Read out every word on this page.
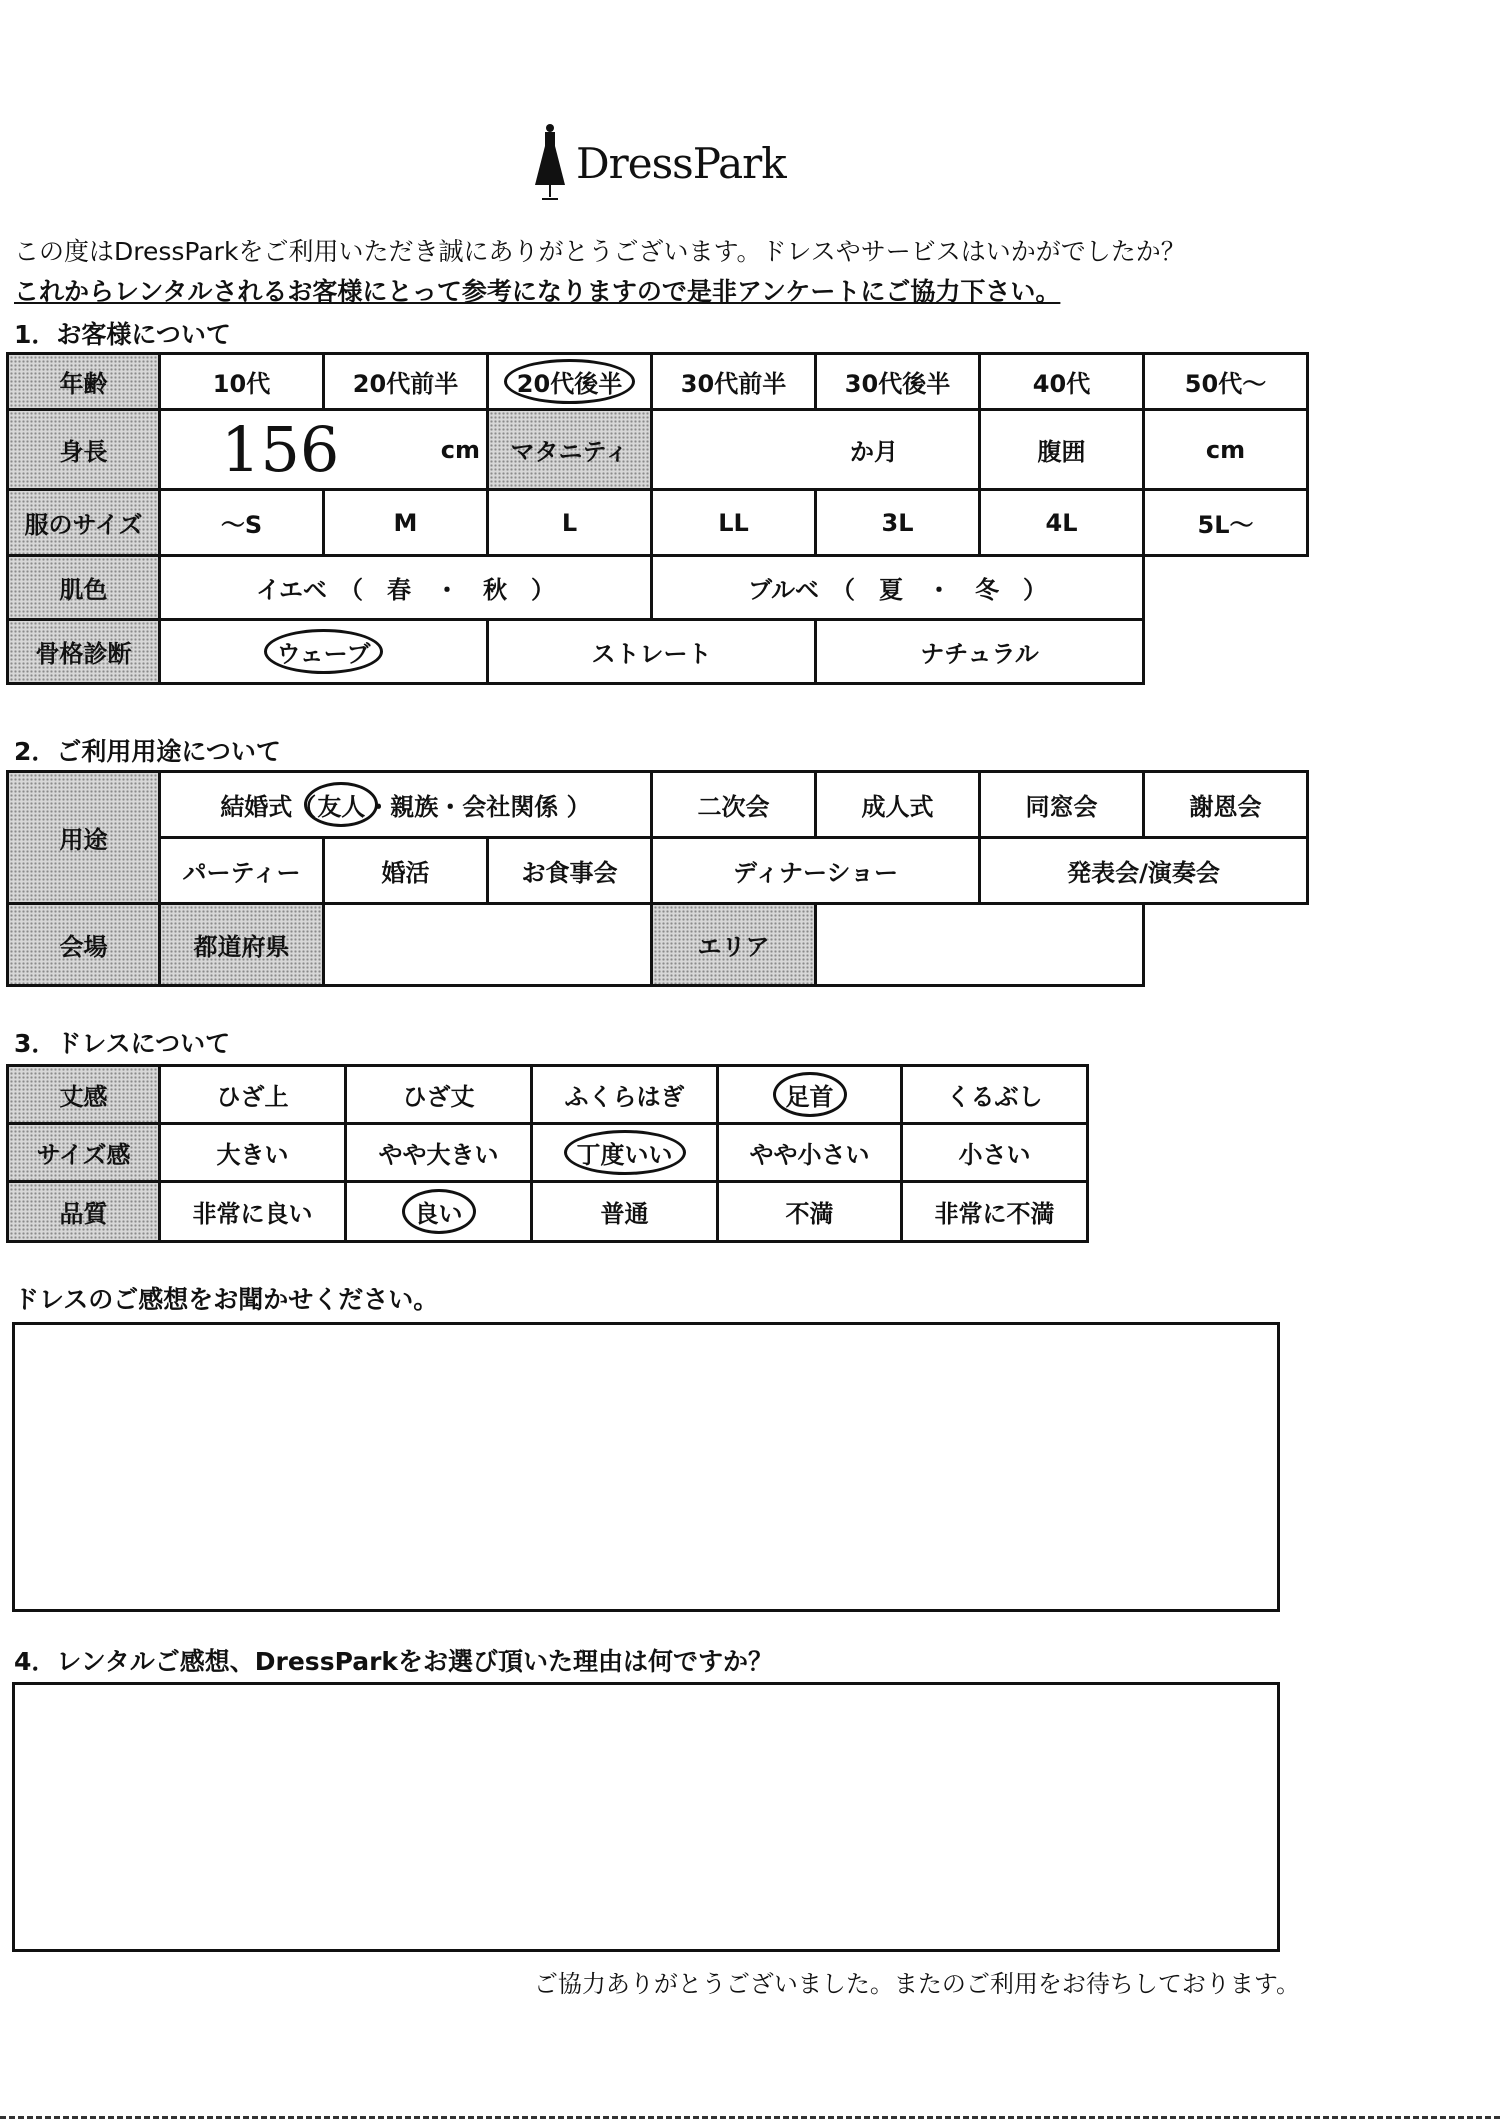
DressPark
この度はDressParkをご利用いただき誠にありがとうございます。ドレスやサービスはいかがでしたか？
これからレンタルされるお客様にとって参考になりますので是非アンケートにご協力下さい。
1．お客様について
年齢	10代	20代前半	20代後半	30代前半	30代後半	40代	50代～
身長	156 cm		マタニティ	か月		腹囲	cm
服のサイズ	～S	M	L	LL	3L	4L	5L～
肌色	イエベ　（　春　・　秋　）			ブルベ　（　夏　・　冬　）			
骨格診断	ウェーブ		ストレート		ナチュラル		
2．ご利用用途について
用途	結婚式（友人・親族・会社関係 ）			二次会	成人式	同窓会	謝恩会
	パーティー	婚活	お食事会	ディナーショー		発表会/演奏会	
会場	都道府県			エリア			
3．ドレスについて
丈感	ひざ上	ひざ丈	ふくらはぎ	足首	くるぶし
サイズ感	大きい	やや大きい	丁度いい	やや小さい	小さい
品質	非常に良い	良い	普通	不満	非常に不満
ドレスのご感想をお聞かせください。
4．レンタルご感想、DressParkをお選び頂いた理由は何ですか？
ご協力ありがとうございました。またのご利用をお待ちしております。
